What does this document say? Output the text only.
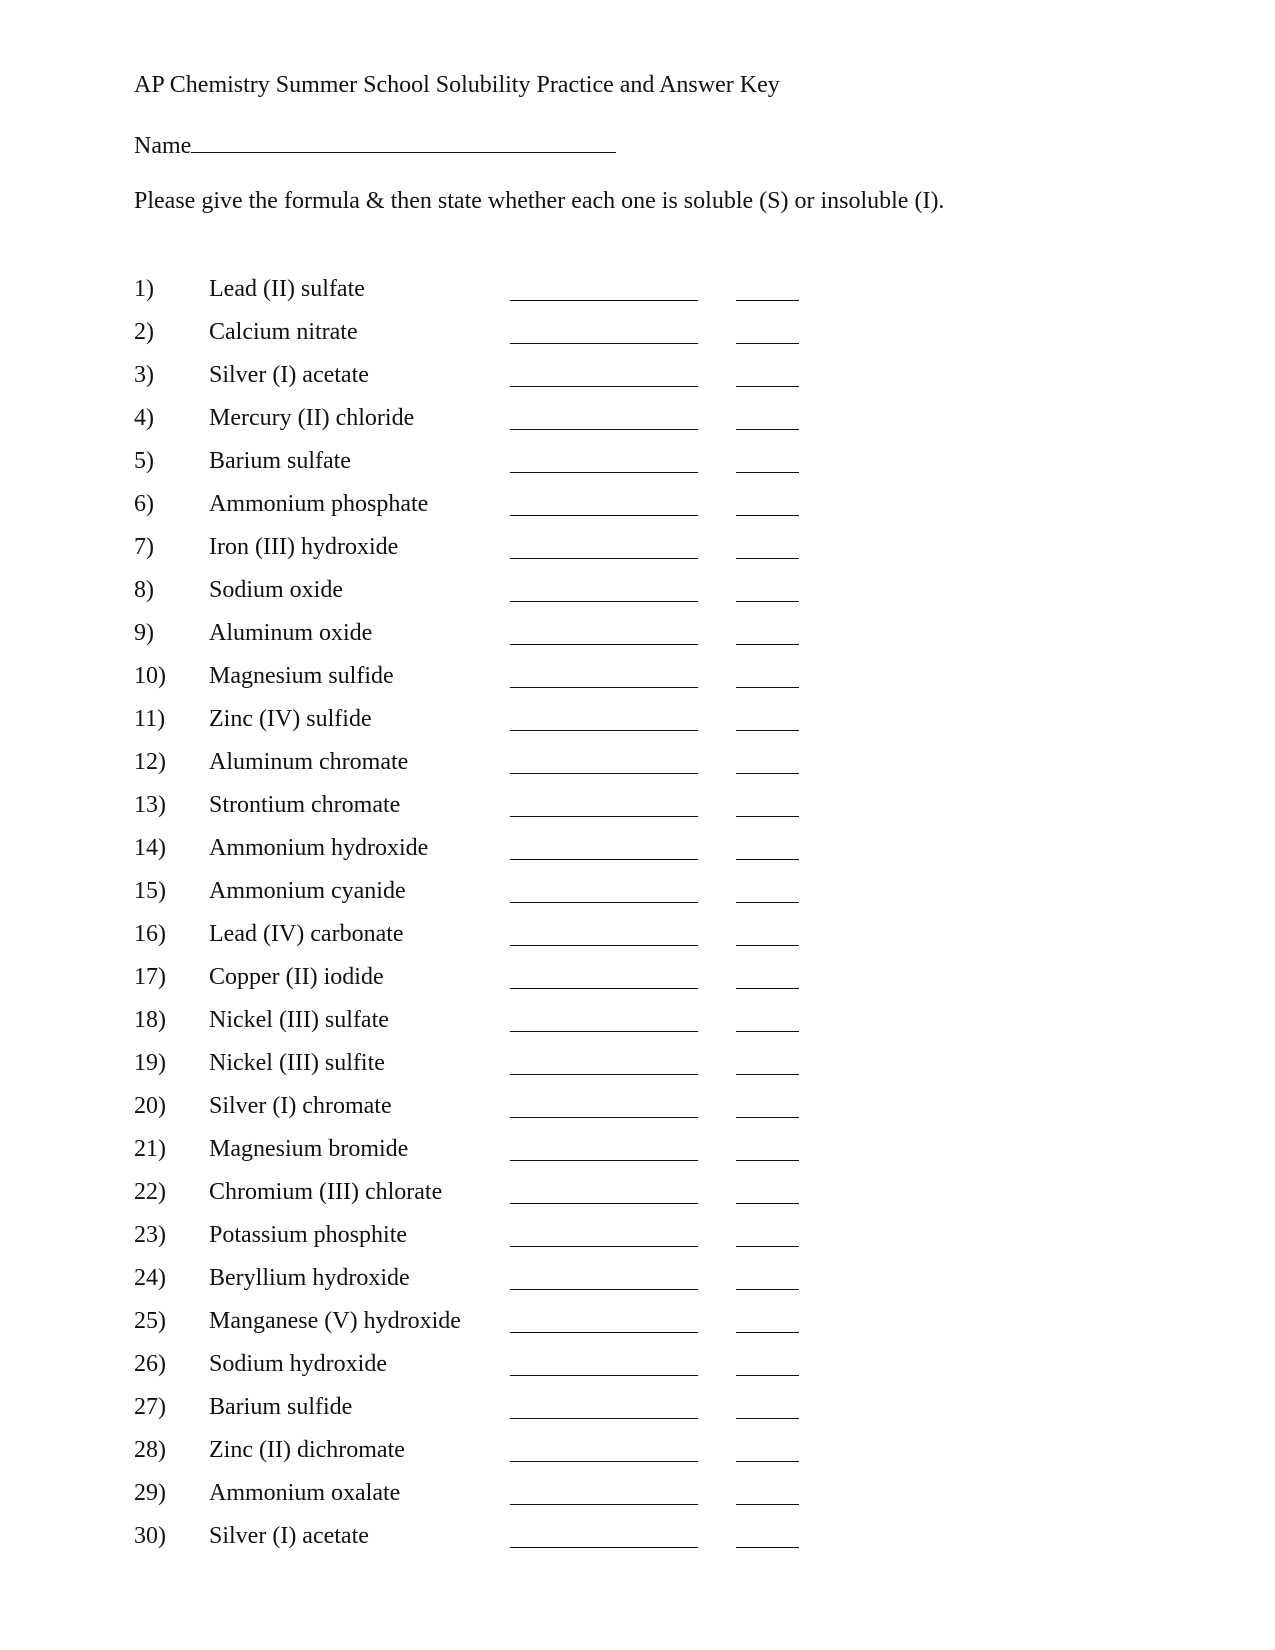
AP Chemistry Summer School Solubility Practice and Answer Key
Name
Please give the formula & then state whether each one is soluble (S) or insoluble (I).
1) Lead (II) sulfate
2) Calcium nitrate
3) Silver (I) acetate
4) Mercury (II) chloride
5) Barium sulfate
6) Ammonium phosphate
7) Iron (III) hydroxide
8) Sodium oxide
9) Aluminum oxide
10) Magnesium sulfide
11) Zinc (IV) sulfide
12) Aluminum chromate
13) Strontium chromate
14) Ammonium hydroxide
15) Ammonium cyanide
16) Lead (IV) carbonate
17) Copper (II) iodide
18) Nickel (III) sulfate
19) Nickel (III) sulfite
20) Silver (I) chromate
21) Magnesium bromide
22) Chromium (III) chlorate
23) Potassium phosphite
24) Beryllium hydroxide
25) Manganese (V) hydroxide
26) Sodium hydroxide
27) Barium sulfide
28) Zinc (II) dichromate
29) Ammonium oxalate
30) Silver (I) acetate
